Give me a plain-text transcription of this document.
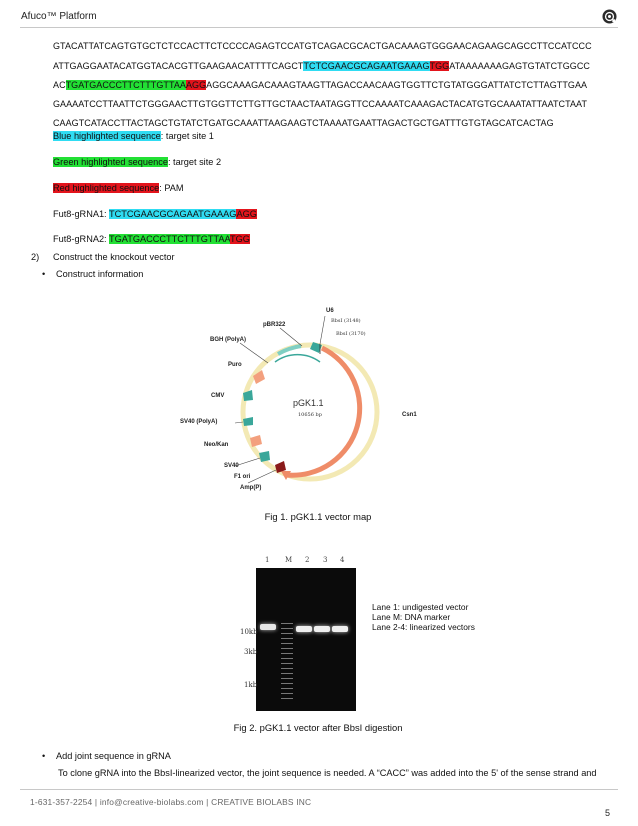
Afuco™ Platform
GTACATTATCAGTGTGCTCTCCACTTCTCCCCAGAGTCCATGTCAGACGCACTGACAAAGTGGGAACAGAAGCAGCCTTCCATCCC
ATTGAGGAATACATGGTACACGTTGAAGAACATTTTCAGCTTCTCGAACGCAGAATGAAAGTGGATAAAAAAAGAGTGTATCTGGCC
ACTGATGACCCTTCTTTGTTAAAGGAGGCAAAGACAAAGTAAGTTAGACCAACAAGTGGTTCTGTATGGGATTATCTCTTAGTTGAA
GAAAATCCTTAATTCTGGGAACTTGTGGTTCTTGTTGCTAACTAATAGGTTCCAAAATCAAAGACTACATGTGCAAATATTAATCTAAT
CAAGTCATACCTTACTAGCTGTATCTGATGCAAATTAAGAAGTCTAAAATGAATTAGACTGCTGATTTGTGTAGCATCACTAG
Blue highlighted sequence: target site 1
Green highlighted sequence: target site 2
Red highlighted sequence: PAM
Fut8-gRNA1: TCTCGAACGCAGAATGAAAGAGG
Fut8-gRNA2: TGATGACCCTTCTTTGTTAATGG
2) Construct the knockout vector
• Construct information
U6
BbsI (3148)
BbsI (3170)
pBR322
BGH (PolyA)
Puro
CMV
SV40 (PolyA)
Neo/Kan
SV40
F1 ori
Amp(P)
Csn1
pGK1.1
10656 bp
Fig 1. pGK1.1 vector map
1 M 2 3 4
10kb
3kb
1kb
Lane 1: undigested vector
Lane M: DNA marker
Lane 2-4: linearized vectors
Fig 2. pGK1.1 vector after BbsI digestion
• Add joint sequence in gRNA
To clone gRNA into the BbsI-linearized vector, the joint sequence is needed. A “CACC” was added into the 5' of the sense strand and
1-631-357-2254 | info@creative-biolabs.com | CREATIVE BIOLABS INC
5
